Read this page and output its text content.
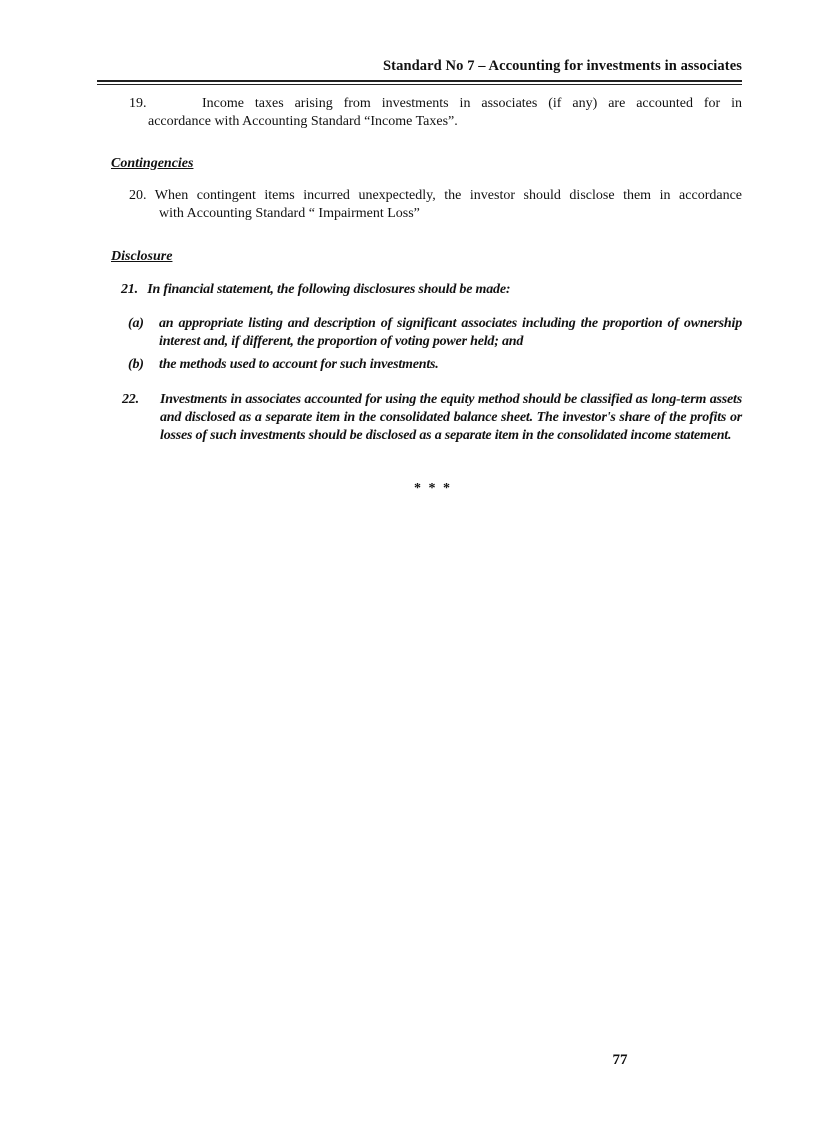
Standard No 7 – Accounting for investments in associates
19.	Income taxes arising from investments in associates (if any) are accounted for in
accordance with Accounting Standard “Income Taxes”.
Contingencies
20. When contingent items incurred unexpectedly, the investor should disclose them in accordance
with Accounting Standard “ Impairment Loss”
Disclosure
21. In financial statement, the following disclosures should be made:
(a) an appropriate listing and description of significant associates including the proportion of ownership interest and, if different, the proportion of voting power held; and
(b) the methods used to account for such investments.
22. Investments in associates accounted for using the equity method should be classified as long-term assets and disclosed as a separate item in the consolidated balance sheet. The investor's share of the profits or losses of such investments should be disclosed as a separate item in the consolidated income statement.
* * *
77
